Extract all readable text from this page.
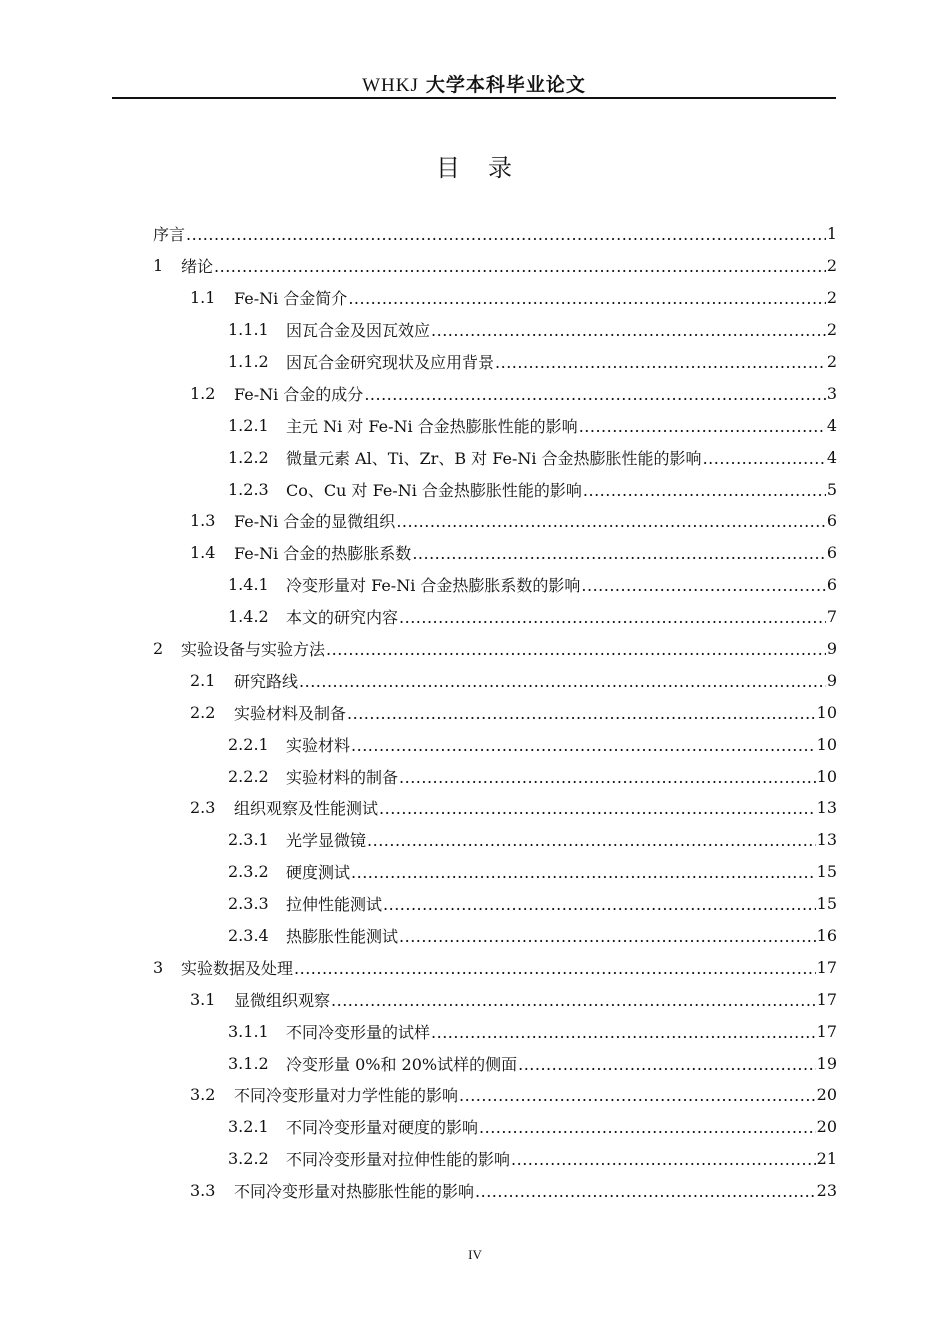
WHKJ 大学本科毕业论文
目录
序言 .....	1
1	绪论 .....	2
1.1	Fe-Ni 合金简介 .....	2
1.1.1	因瓦合金及因瓦效应 .....	2
1.1.2	因瓦合金研究现状及应用背景 .....	2
1.2	Fe-Ni 合金的成分 .....	3
1.2.1	主元 Ni 对 Fe-Ni 合金热膨胀性能的影响 .....	4
1.2.2	微量元素 Al、Ti、Zr、B 对 Fe-Ni 合金热膨胀性能的影响 .....	4
1.2.3	Co、Cu 对 Fe-Ni 合金热膨胀性能的影响 .....	5
1.3	Fe-Ni 合金的显微组织 .....	6
1.4	Fe-Ni 合金的热膨胀系数 .....	6
1.4.1	冷变形量对 Fe-Ni 合金热膨胀系数的影响 .....	6
1.4.2	本文的研究内容 .....	7
2	实验设备与实验方法 .....	9
2.1	研究路线 .....	9
2.2	实验材料及制备 .....	10
2.2.1	实验材料 .....	10
2.2.2	实验材料的制备 .....	10
2.3	组织观察及性能测试 .....	13
2.3.1	光学显微镜 .....	13
2.3.2	硬度测试 .....	15
2.3.3	拉伸性能测试 .....	15
2.3.4	热膨胀性能测试 .....	16
3	实验数据及处理 .....	17
3.1	显微组织观察 .....	17
3.1.1	不同冷变形量的试样 .....	17
3.1.2	冷变形量 0%和 20%试样的侧面 .....	19
3.2	不同冷变形量对力学性能的影响 .....	20
3.2.1	不同冷变形量对硬度的影响 .....	20
3.2.2	不同冷变形量对拉伸性能的影响 .....	21
3.3	不同冷变形量对热膨胀性能的影响 .....	23
IV
